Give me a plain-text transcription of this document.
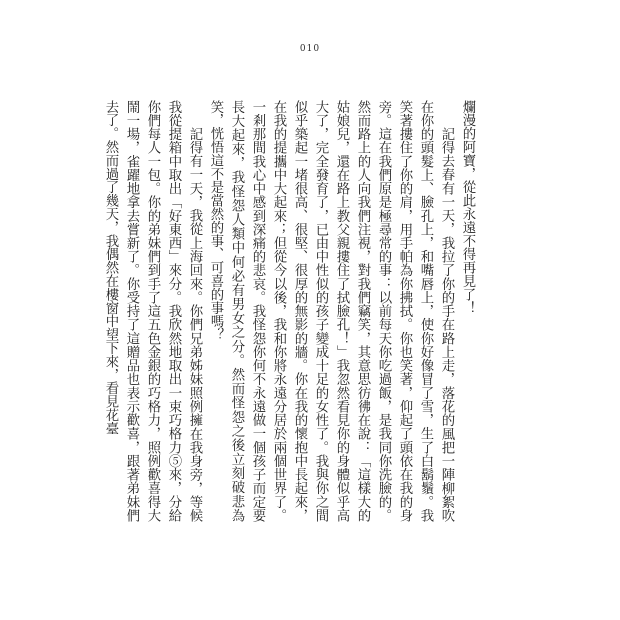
010

爛漫的阿寶，從此永遠不得再見了！

記得去春有一天，我拉了你的手在路上走，落花的風把一陣柳絮吹在你的頭髮上、臉孔上，和嘴唇上，使你好像冒了雪，生了白鬍鬚。我笑著摟住了你的肩，用手帕為你拂拭。你也笑著，仰起了頭依在我的身旁。這在我們原是極尋常的事：以前每天你吃過飯，是我同你洗臉的。然而路上的人向我們注視，對我們竊笑，其意思彷彿在說：「這樣大的姑娘兒，還在路上教父親摟住了拭臉孔！」我忽然看見你的身體似乎高大了，完全發育了，已由中性似的孩子變成十足的女性了。我與你之間似乎築起一堵很高、很堅、很厚的無影的牆。你在我的懷抱中長起來，在我的提攜中大起來；但從今以後，我和你將永遠分居於兩個世界了。一剎那間我心中感到深痛的悲哀。我怪怨你何不永遠做一個孩子而定要長大起來，我怪怨人類中何必有男女之分。然而怪怨之後立刻破悲為笑，恍悟這不是當然的事、可喜的事嗎？

記得有一天，我從上海回來。你們兄弟姊妹照例擁在我身旁，等候我從提箱中取出「好東西」來分。我欣然地取出一束巧格力⑤來，分給你們每人一包。你的弟妹們到手了這五色金銀的巧格力，照例歡喜得大鬧一場，雀躍地拿去嘗新了。你受持了這贈品也表示歡喜，跟著弟妹們去了。然而過了幾天，我偶然在樓窗中望下來，看見花臺
